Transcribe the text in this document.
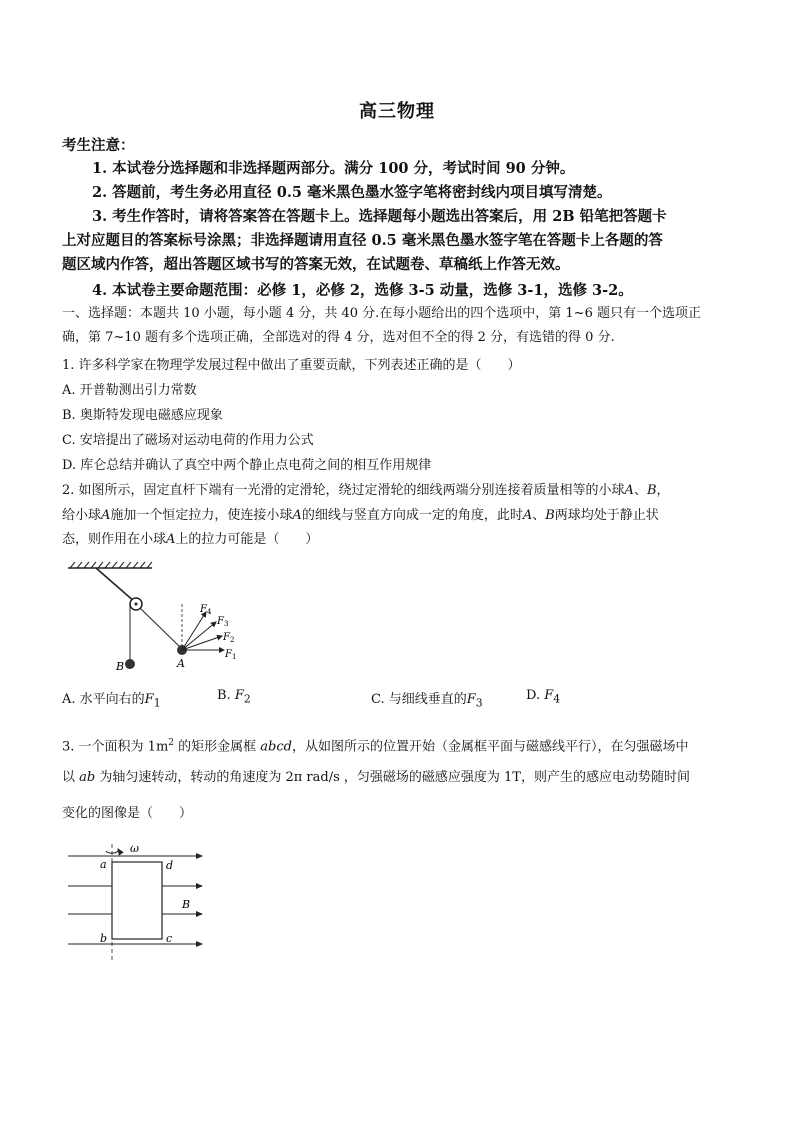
高三物理
考生注意：
1. 本试卷分选择题和非选择题两部分。满分 100 分，考试时间 90 分钟。
2. 答题前，考生务必用直径 0.5 毫米黑色墨水签字笔将密封线内项目填写清楚。
3. 考生作答时，请将答案答在答题卡上。选择题每小题选出答案后，用 2B 铅笔把答题卡
上对应题目的答案标号涂黑；非选择题请用直径 0.5 毫米黑色墨水签字笔在答题卡上各题的答
题区域内作答，超出答题区域书写的答案无效，在试题卷、草稿纸上作答无效。
4. 本试卷主要命题范围：必修 1，必修 2，选修 3-5 动量，选修 3-1，选修 3-2。
一、选择题：本题共 10 小题，每小题 4 分，共 40 分.在每小题给出的四个选项中，第 1~6 题只有一个选项正
确，第 7~10 题有多个选项正确，全部选对的得 4 分，选对但不全的得 2 分，有选错的得 0 分.
1. 许多科学家在物理学发展过程中做出了重要贡献，下列表述正确的是（　　）
A. 开普勒测出引力常数
B. 奥斯特发现电磁感应现象
C. 安培提出了磁场对运动电荷的作用力公式
D. 库仑总结并确认了真空中两个静止点电荷之间的相互作用规律
2. 如图所示，固定直杆下端有一光滑的定滑轮，绕过定滑轮的细线两端分别连接着质量相等的小球A、B，
给小球A施加一个恒定拉力，使连接小球A的细线与竖直方向成一定的角度，此时A、B两球均处于静止状
态，则作用在小球A上的拉力可能是（　　）
B	A
$F_1$
$F_2$
$F_3$
$F_4$
A. 水平向右的$F_1$
B. $F_2$	C. 与细线垂直的$F_3$
D. $F_4$
3. 一个面积为 $1m^2$ 的矩形金属框 abcd，从如图所示的位置开始（金属框平面与磁感线平行），在匀强磁场中
以 ab 为轴匀速转动，转动的角速度为 2π rad/s ，匀强磁场的磁感应强度为 1T，则产生的感应电动势随时间
变化的图像是（　　）
ω
a	d
b	c
B
